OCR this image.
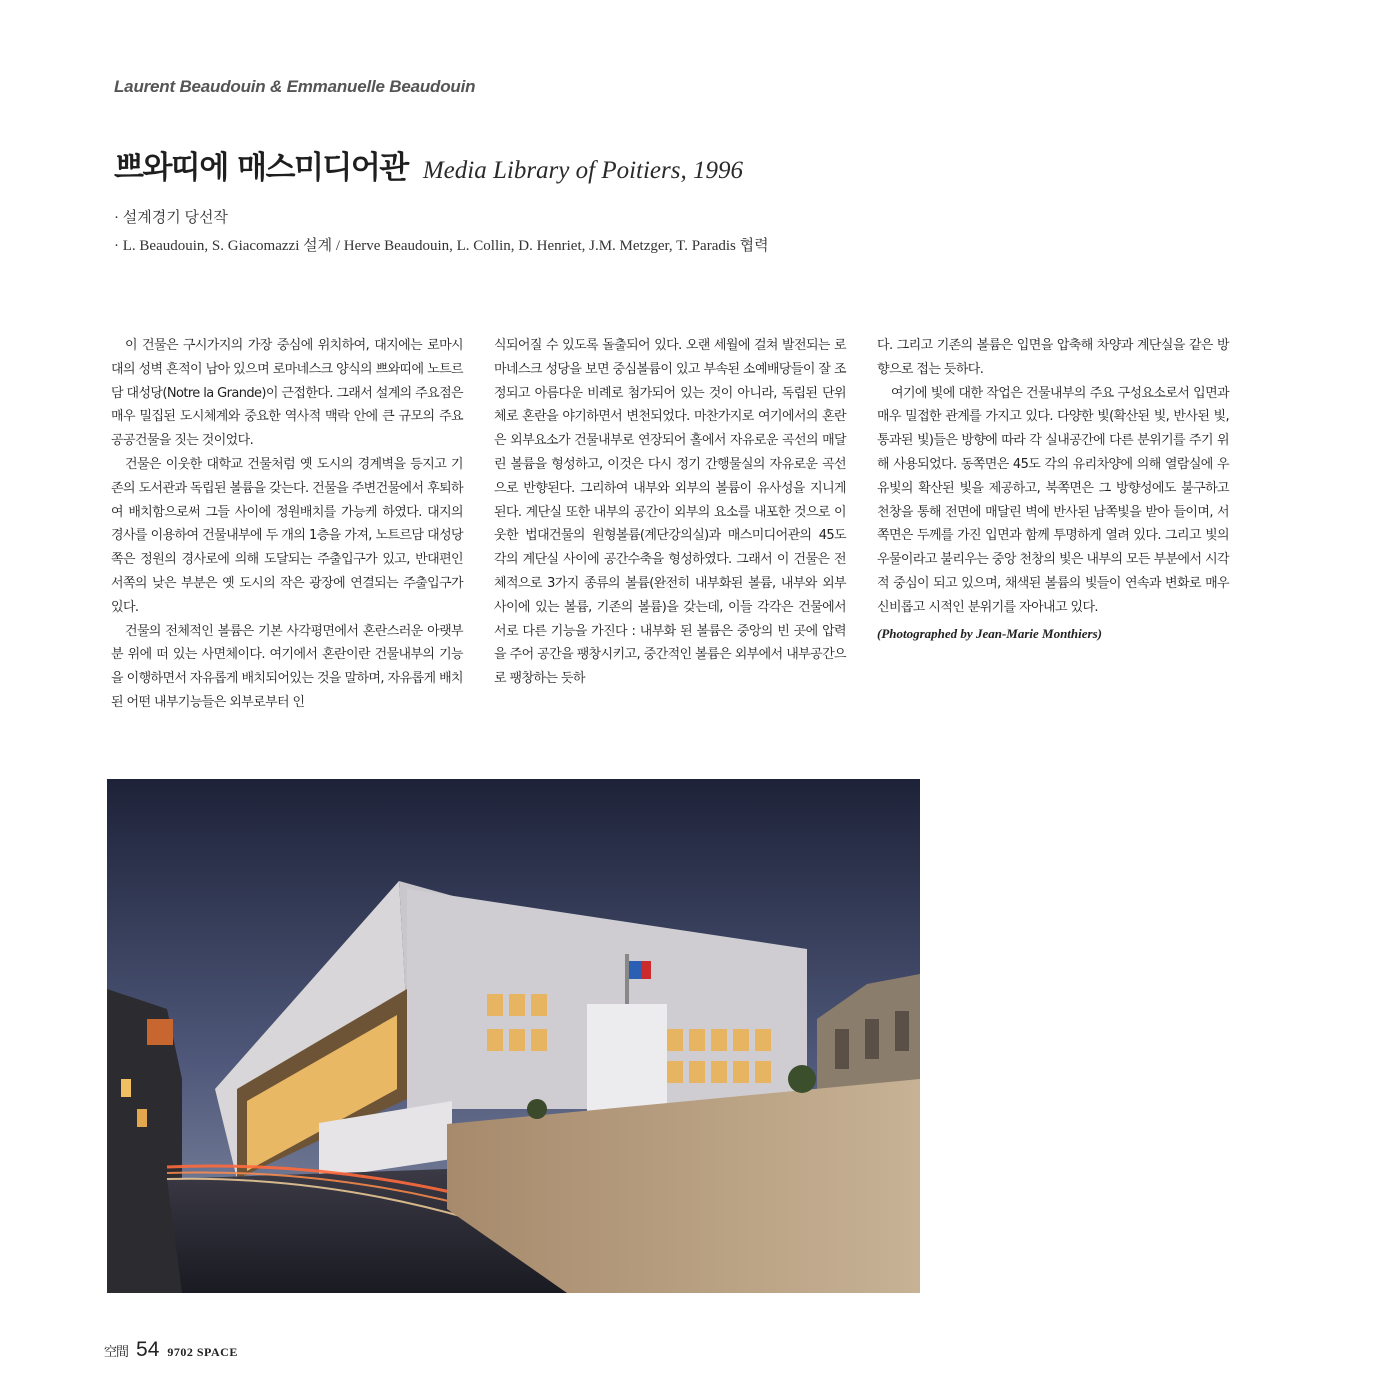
Laurent Beaudouin & Emmanuelle Beaudouin
쁘와띠에 매스미디어관 Media Library of Poitiers, 1996
· 설계경기 당선작
· L. Beaudouin, S. Giacomazzi 설계 / Herve Beaudouin, L. Collin, D. Henriet, J.M. Metzger, T. Paradis 협력

이 건물은 구시가지의 가장 중심에 위치하여, 대지에는 로마시대의 성벽 흔적이 남아 있으며 로마네스크 양식의 쁘와띠에 노트르담 대성당(Notre la Grande)이 근접한다. 그래서 설계의 주요점은 매우 밀집된 도시체계와 중요한 역사적 맥락 안에 큰 규모의 주요 공공건물을 짓는 것이었다.

건물은 이웃한 대학교 건물처럼 옛 도시의 경계벽을 등지고 기존의 도서관과 독립된 볼륨을 갖는다. 건물을 주변건물에서 후퇴하여 배치함으로써 그들 사이에 정원배치를 가능케 하였다. 대지의 경사를 이용하여 건물내부에 두 개의 1층을 가져, 노트르담 대성당쪽은 정원의 경사로에 의해 도달되는 주출입구가 있고, 반대편인 서쪽의 낮은 부분은 옛 도시의 작은 광장에 연결되는 주출입구가 있다.

건물의 전체적인 볼륨은 기본 사각평면에서 혼란스러운 아랫부분 위에 떠 있는 사면체이다. 여기에서 혼란이란 건물내부의 기능을 이행하면서 자유롭게 배치되어있는 것을 말하며, 자유롭게 배치된 어떤 내부기능들은 외부로부터 인

식되어질 수 있도록 돌출되어 있다. 오랜 세월에 걸쳐 발전되는 로마네스크 성당을 보면 중심볼륨이 있고 부속된 소예배당들이 잘 조정되고 아름다운 비례로 첨가되어 있는 것이 아니라, 독립된 단위체로 혼란을 야기하면서 변천되었다. 마찬가지로 여기에서의 혼란은 외부요소가 건물내부로 연장되어 홀에서 자유로운 곡선의 매달린 볼륨을 형성하고, 이것은 다시 정기 간행물실의 자유로운 곡선으로 반향된다. 그리하여 내부와 외부의 볼륨이 유사성을 지니게 된다. 계단실 또한 내부의 공간이 외부의 요소를 내포한 것으로 이웃한 법대건물의 원형볼륨(계단강의실)과 매스미디어관의 45도 각의 계단실 사이에 공간수축을 형성하였다. 그래서 이 건물은 전체적으로 3가지 종류의 볼륨(완전히 내부화된 볼륨, 내부와 외부 사이에 있는 볼륨, 기존의 볼륨)을 갖는데, 이들 각각은 건물에서 서로 다른 기능을 가진다 : 내부화 된 볼륨은 중앙의 빈 곳에 압력을 주어 공간을 팽창시키고, 중간적인 볼륨은 외부에서 내부공간으로 팽창하는 듯하

다. 그리고 기존의 볼륨은 입면을 압축해 차양과 계단실을 같은 방향으로 접는 듯하다.

여기에 빛에 대한 작업은 건물내부의 주요 구성요소로서 입면과 매우 밀접한 관계를 가지고 있다. 다양한 빛(확산된 빛, 반사된 빛, 통과된 빛)들은 방향에 따라 각 실내공간에 다른 분위기를 주기 위해 사용되었다. 동쪽면은 45도 각의 유리차양에 의해 열람실에 우유빛의 확산된 빛을 제공하고, 북쪽면은 그 방향성에도 불구하고 천창을 통해 전면에 매달린 벽에 반사된 남쪽빛을 받아 들이며, 서쪽면은 두께를 가진 입면과 함께 투명하게 열려 있다. 그리고 빛의 우물이라고 불리우는 중앙 천창의 빛은 내부의 모든 부분에서 시각적 중심이 되고 있으며, 채색된 볼륨의 빛들이 연속과 변화로 매우 신비롭고 시적인 분위기를 자아내고 있다.

(Photographed by Jean-Marie Monthiers)
空間 54 9702 SPACE
